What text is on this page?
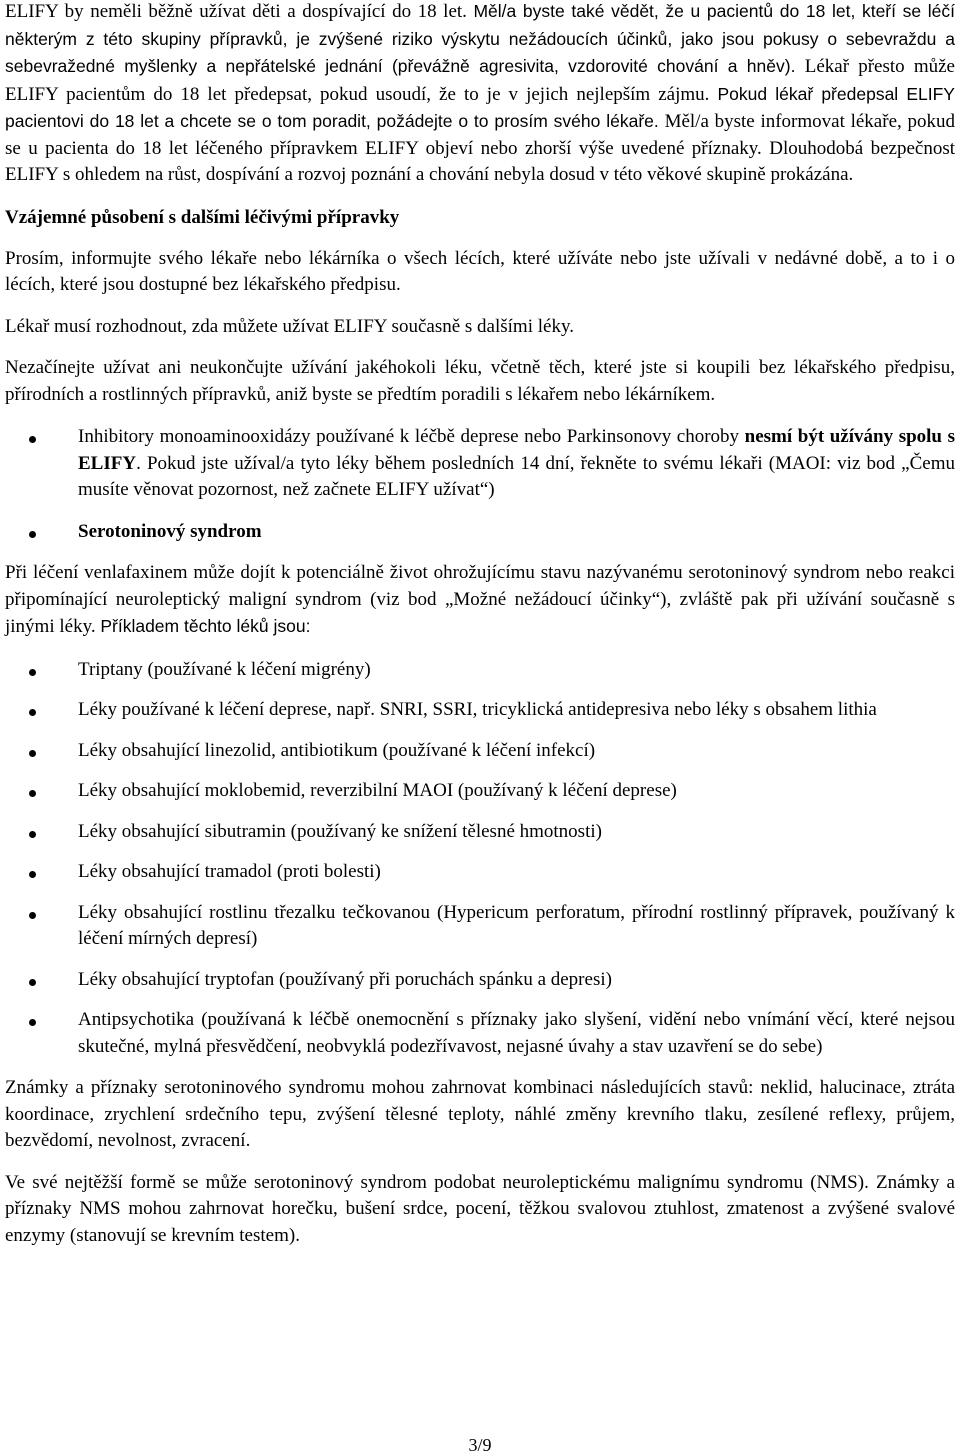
ELIFY by neměli běžně užívat děti a dospívající do 18 let. Měl/a byste také vědět, že u pacientů do 18 let, kteří se léčí některým z této skupiny přípravků, je zvýšené riziko výskytu nežádoucích účinků, jako jsou pokusy o sebevraždu a sebevražedné myšlenky a nepřátelské jednání (převážně agresivita, vzdorovité chování a hněv). Lékař přesto může ELIFY pacientům do 18 let předepsat, pokud usoudí, že to je v jejich nejlepším zájmu. Pokud lékař předepsal ELIFY pacientovi do 18 let a chcete se o tom poradit, požádejte o to prosím svého lékaře. Měl/a byste informovat lékaře, pokud se u pacienta do 18 let léčeného přípravkem ELIFY objeví nebo zhorší výše uvedené příznaky. Dlouhodobá bezpečnost ELIFY s ohledem na růst, dospívání a rozvoj poznání a chování nebyla dosud v této věkové skupině prokázána.

Vzájemné působení s dalšími léčivými přípravky

Prosím, informujte svého lékaře nebo lékárníka o všech lécích, které užíváte nebo jste užívali v nedávné době, a to i o lécích, které jsou dostupné bez lékařského předpisu.

Lékař musí rozhodnout, zda můžete užívat ELIFY současně s dalšími léky.

Nezačínejte užívat ani neukončujte užívání jakéhokoli léku, včetně těch, které jste si koupili bez lékařského předpisu, přírodních a rostlinných přípravků, aniž byste se předtím poradili s lékařem nebo lékárníkem.

Inhibitory monoaminooxidázy používané k léčbě deprese nebo Parkinsonovy choroby nesmí být užívány spolu s ELIFY. Pokud jste užíval/a tyto léky během posledních 14 dní, řekněte to svému lékaři (MAOI: viz bod „Čemu musíte věnovat pozornost, než začnete ELIFY užívat“)
Serotoninový syndrom

Při léčení venlafaxinem může dojít k potenciálně život ohrožujícímu stavu nazývanému serotoninový syndrom nebo reakci připomínající neuroleptický maligní syndrom (viz bod „Možné nežádoucí účinky“), zvláště pak při užívání současně s jinými léky. Příkladem těchto léků jsou:

Triptany (používané k léčení migrény)
Léky používané k léčení deprese, např. SNRI, SSRI, tricyklická antidepresiva nebo léky s obsahem lithia
Léky obsahující linezolid, antibiotikum (používané k léčení infekcí)
Léky obsahující moklobemid, reverzibilní MAOI (používaný k léčení deprese)
Léky obsahující sibutramin (používaný ke snížení tělesné hmotnosti)
Léky obsahující tramadol (proti bolesti)
Léky obsahující rostlinu třezalku tečkovanou (Hypericum perforatum, přírodní rostlinný přípravek, používaný k léčení mírných depresí)
Léky obsahující tryptofan (používaný při poruchách spánku a depresi)
Antipsychotika (používaná k léčbě onemocnění s příznaky jako slyšení, vidění nebo vnímání věcí, které nejsou skutečné, mylná přesvědčení, neobvyklá podezřívavost, nejasné úvahy a stav uzavření se do sebe)

Známky a příznaky serotoninového syndromu mohou zahrnovat kombinaci následujících stavů: neklid, halucinace, ztráta koordinace, zrychlení srdečního tepu, zvýšení tělesné teploty, náhlé změny krevního tlaku, zesílené reflexy, průjem, bezvědomí, nevolnost, zvracení.

Ve své nejtěžší formě se může serotoninový syndrom podobat neuroleptickému malignímu syndromu (NMS). Známky a příznaky NMS mohou zahrnovat horečku, bušení srdce, pocení, těžkou svalovou ztuhlost, zmatenost a zvýšené svalové enzymy (stanovují se krevním testem).

3/9
